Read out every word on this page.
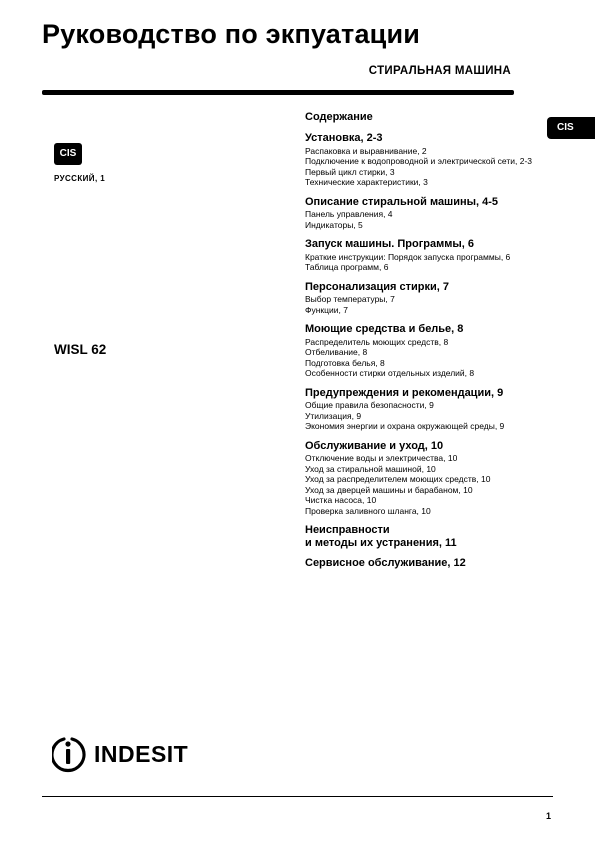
Руководство по экпуатации
СТИРАЛЬНАЯ МАШИНА
CIS
CIS
РУССКИЙ, 1
WISL 62
Содержание
Установка, 2-3
Распаковка и выравнивание, 2
Подключение к водопроводной и электрической сети, 2-3
Первый цикл стирки, 3
Технические характеристики, 3
Описание стиральной машины, 4-5
Панель управления, 4
Индикаторы, 5
Запуск машины. Программы, 6
Краткие инструкции: Порядок запуска программы, 6
Таблица программ, 6
Персонализация стирки, 7
Выбор температуры, 7
Функции, 7
Моющие средства и белье, 8
Распределитель моющих средств, 8
Отбеливание, 8
Подготовка белья, 8
Особенности стирки отдельных изделий, 8
Предупреждения и рекомендации, 9
Общие правила безопасности, 9
Утилизация, 9
Экономия энергии и охрана окружающей среды, 9
Обслуживание и уход, 10
Отключение воды и электричества, 10
Уход за стиральной машиной, 10
Уход за распределителем моющих средств, 10
Уход за дверцей машины и барабаном, 10
Чистка насоса, 10
Проверка заливного шланга, 10
Неисправности
и методы их устранения, 11
Сервисное обслуживание, 12
INDESIT
1
